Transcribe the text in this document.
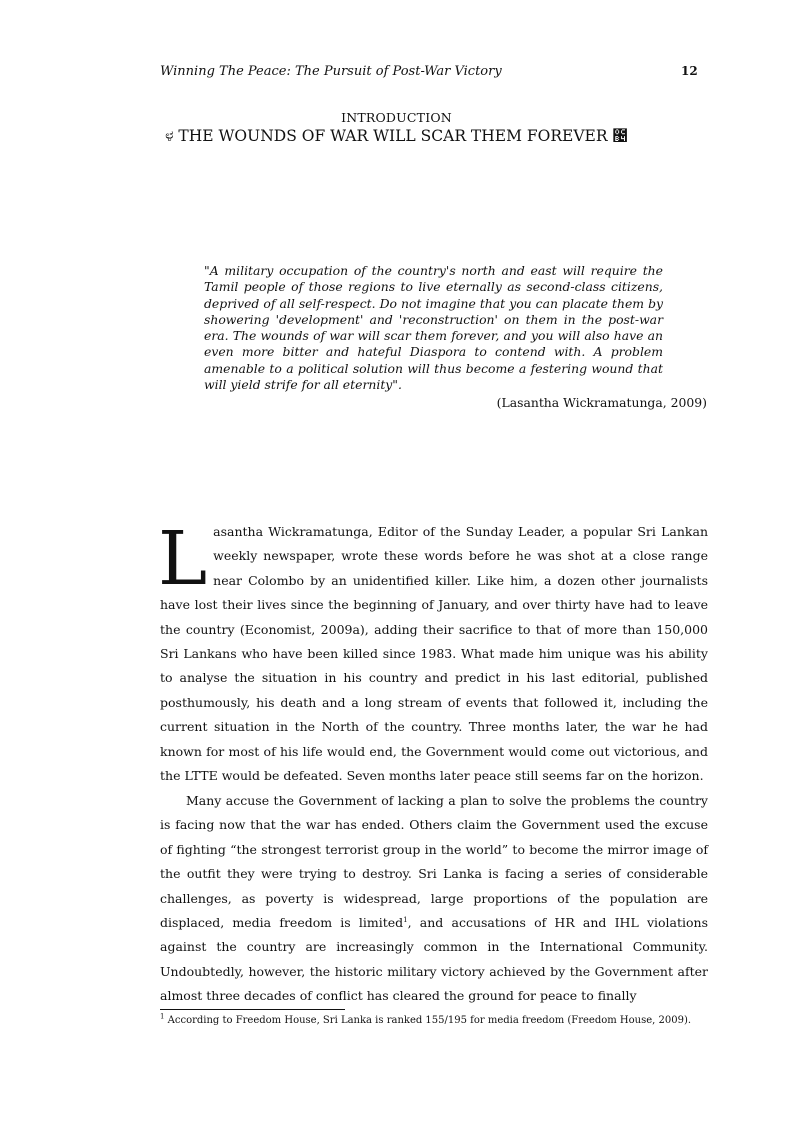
Winning The Peace: The Pursuit of Post-War Victory	12
INTRODUCTION
ಳ THE WOUNDS OF WAR WILL SCAR THEM FOREVER ಴

"A military occupation of the country's north and east will require the Tamil people of those regions to live eternally as second-class citizens, deprived of all self-respect. Do not imagine that you can placate them by showering 'development' and 'reconstruction' on them in the post-war era. The wounds of war will scar them forever, and you will also have an even more bitter and hateful Diaspora to contend with. A problem amenable to a political solution will thus become a festering wound that will yield strife for all eternity".

(Lasantha Wickramatunga, 2009)

Lasantha Wickramatunga, Editor of the Sunday Leader, a popular Sri Lankan weekly newspaper, wrote these words before he was shot at a close range near Colombo by an unidentified killer. Like him, a dozen other journalists have lost their lives since the beginning of January, and over thirty have had to leave the country (Economist, 2009a), adding their sacrifice to that of more than 150,000 Sri Lankans who have been killed since 1983. What made him unique was his ability to analyse the situation in his country and predict in his last editorial, published posthumously, his death and a long stream of events that followed it, including the current situation in the North of the country. Three months later, the war he had known for most of his life would end, the Government would come out victorious, and the LTTE would be defeated. Seven months later peace still seems far on the horizon.

Many accuse the Government of lacking a plan to solve the problems the country is facing now that the war has ended. Others claim the Government used the excuse of fighting “the strongest terrorist group in the world” to become the mirror image of the outfit they were trying to destroy. Sri Lanka is facing a series of considerable challenges, as poverty is widespread, large proportions of the population are displaced, media freedom is limited$^1$, and accusations of HR and IHL violations against the country are increasingly common in the International Community. Undoubtedly, however, the historic military victory achieved by the Government after almost three decades of conflict has cleared the ground for peace to finally

$^1$ According to Freedom House, Sri Lanka is ranked 155/195 for media freedom (Freedom House, 2009).
